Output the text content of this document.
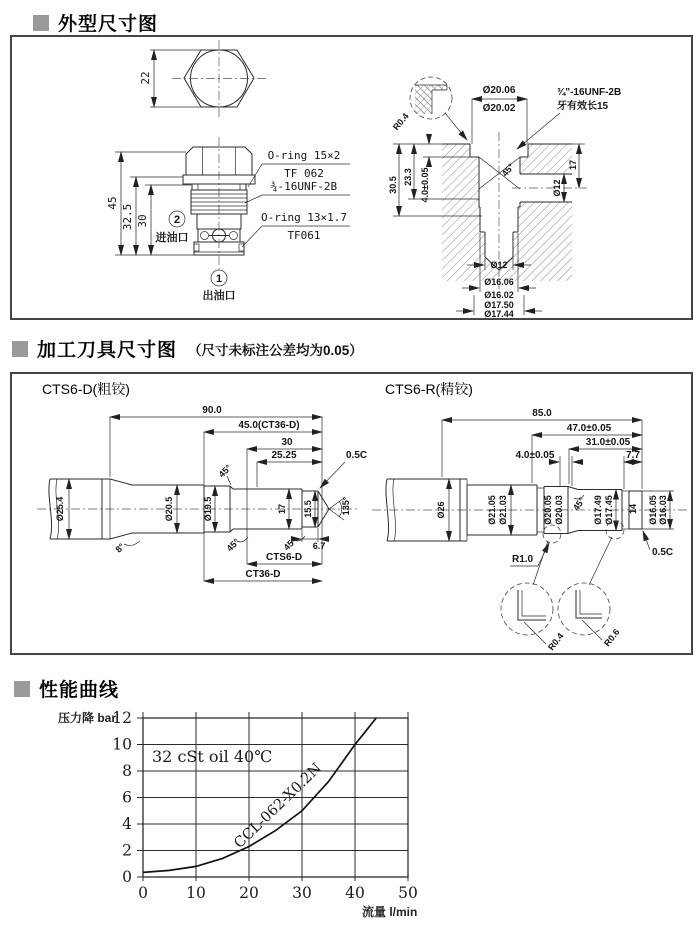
外型尺寸图
22
45
32.5 30 2
进油口
1
出油口
O-ring 15×2
TF 062
¾-16UNF-2B
O-ring 13×1.7
TF061
Ø20.06
Ø20.02
¾"-16UNF-2B
牙有效长15
R0.4
30.5 23.3 4.0±0.05	45°	17
Ø12
Ø12
Ø16.06
Ø16.02
Ø17.50
Ø17.44
加工刀具尺寸图 （尺寸未标注公差均为0.05）
CTS6-D(粗铰)
90.0
45.0(CT36-D)
30
25.25	0.5C
Ø25.4	Ø20.5	Ø19.5	17 15.5
45°
8°	45°	45°
135°
6.7
CTS6-D
CT36-D
CTS6-R(精铰)
85.0
47.0±0.05
31.0±0.05
4.0±0.05	7.7
Ø26	Ø21.05 Ø21.03	Ø20.05 Ø20.03 45° Ø17.49 Ø17.45 14 Ø16.05 Ø16.03
R1.0
0.5C
R0.4	R0.6
性能曲线
0 10 20 30 40 50
0
2
4
6
8
10
12
CCL-062-X0.2N
32 cSt oil 40℃
压力降 bar
流量 l/min
